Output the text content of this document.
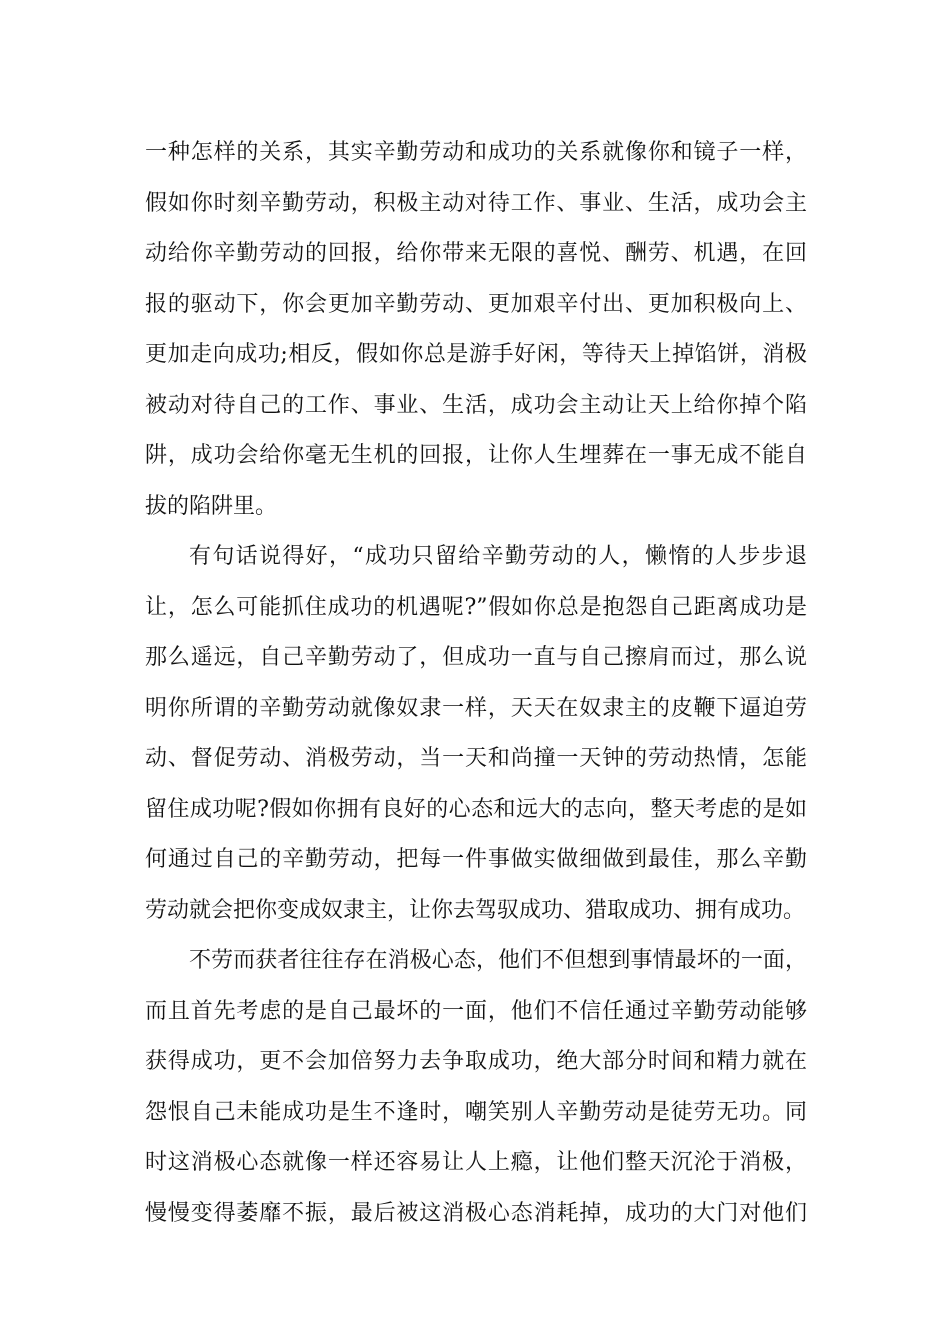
一种怎样的关系，其实辛勤劳动和成功的关系就像你和镜子一样，
假如你时刻辛勤劳动，积极主动对待工作、事业、生活，成功会主
动给你辛勤劳动的回报，给你带来无限的喜悦、酬劳、机遇，在回
报的驱动下，你会更加辛勤劳动、更加艰辛付出、更加积极向上、
更加走向成功;相反，假如你总是游手好闲，等待天上掉馅饼，消极
被动对待自己的工作、事业、生活，成功会主动让天上给你掉个陷
阱，成功会给你毫无生机的回报，让你人生埋葬在一事无成不能自
拔的陷阱里。
有句话说得好，“成功只留给辛勤劳动的人，懒惰的人步步退
让，怎么可能抓住成功的机遇呢?”假如你总是抱怨自己距离成功是
那么遥远，自己辛勤劳动了，但成功一直与自己擦肩而过，那么说
明你所谓的辛勤劳动就像奴隶一样，天天在奴隶主的皮鞭下逼迫劳
动、督促劳动、消极劳动，当一天和尚撞一天钟的劳动热情，怎能
留住成功呢?假如你拥有良好的心态和远大的志向，整天考虑的是如
何通过自己的辛勤劳动，把每一件事做实做细做到最佳，那么辛勤
劳动就会把你变成奴隶主，让你去驾驭成功、猎取成功、拥有成功。
不劳而获者往往存在消极心态，他们不但想到事情最坏的一面，
而且首先考虑的是自己最坏的一面，他们不信任通过辛勤劳动能够
获得成功，更不会加倍努力去争取成功，绝大部分时间和精力就在
怨恨自己未能成功是生不逢时，嘲笑别人辛勤劳动是徒劳无功。同
时这消极心态就像一样还容易让人上瘾，让他们整天沉沦于消极，
慢慢变得萎靡不振，最后被这消极心态消耗掉，成功的大门对他们
